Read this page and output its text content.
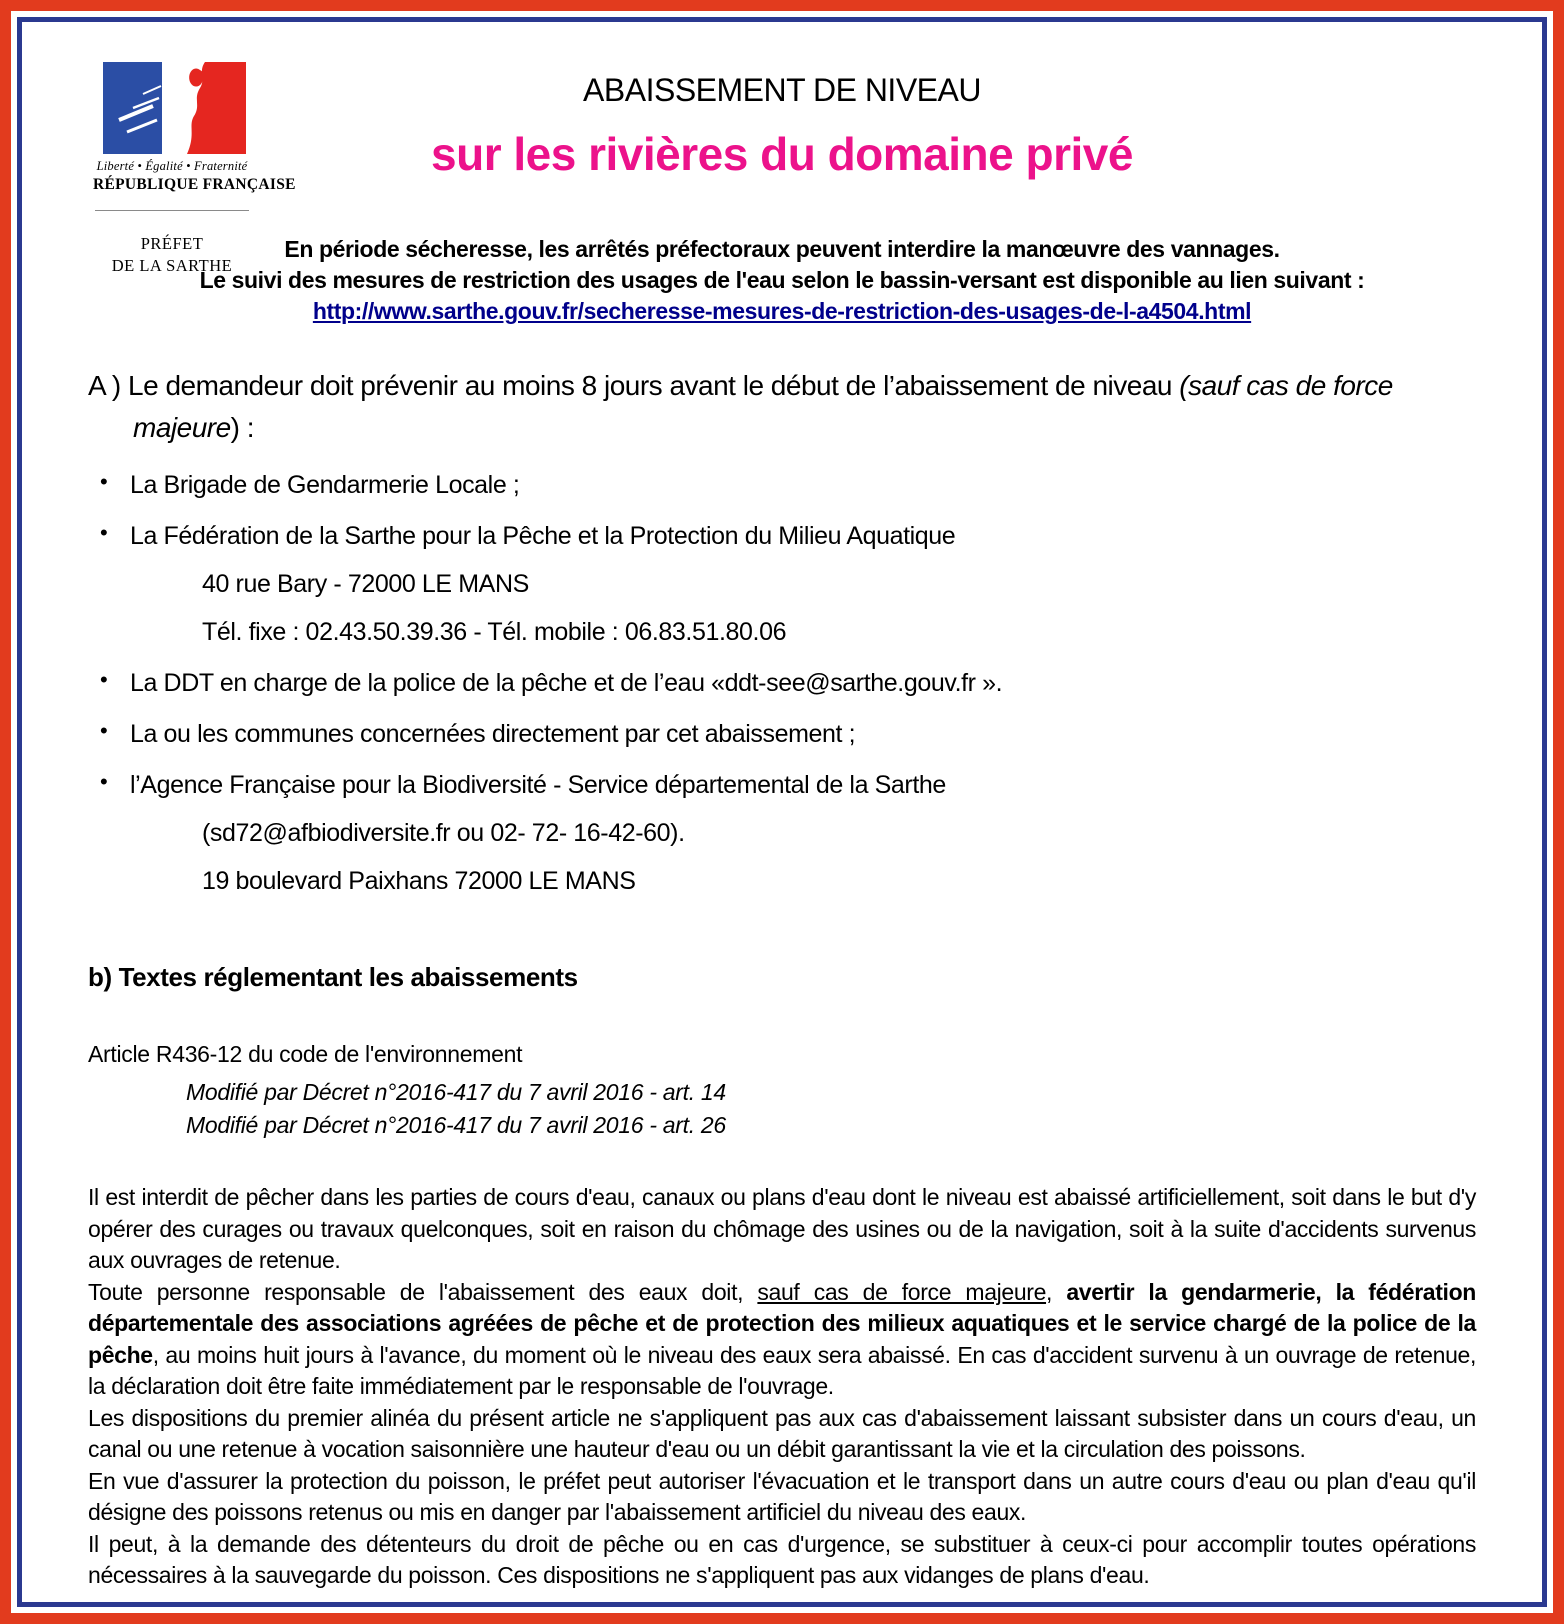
Liberté • Égalité • Fraternité
RÉPUBLIQUE FRANÇAISE
PRÉFET
DE LA SARTHE
ABAISSEMENT DE NIVEAU
sur les rivières du domaine privé
En période sécheresse, les arrêtés préfectoraux peuvent interdire la manœuvre des vannages.
Le suivi des mesures de restriction des usages de l'eau selon le bassin-versant est disponible au lien suivant :
http://www.sarthe.gouv.fr/secheresse-mesures-de-restriction-des-usages-de-l-a4504.html

A ) Le demandeur doit prévenir au moins 8 jours avant le début de l’abaissement de niveau (sauf cas de force majeure) :

• La Brigade de Gendarmerie Locale ;
• La Fédération de la Sarthe pour la Pêche et la Protection du Milieu Aquatique
40 rue Bary - 72000 LE MANS
Tél. fixe : 02.43.50.39.36 - Tél. mobile : 06.83.51.80.06
• La DDT en charge de la police de la pêche et de l’eau «ddt-see@sarthe.gouv.fr ».
• La ou les communes concernées directement par cet abaissement ;
• l’Agence Française pour la Biodiversité - Service départemental de la Sarthe
(sd72@afbiodiversite.fr ou 02- 72- 16-42-60).
19 boulevard Paixhans 72000 LE MANS
b) Textes réglementant les abaissements

Article R436-12 du code de l'environnement

Modifié par Décret n°2016-417 du 7 avril 2016 - art. 14
Modifié par Décret n°2016-417 du 7 avril 2016 - art. 26

Il est interdit de pêcher dans les parties de cours d'eau, canaux ou plans d'eau dont le niveau est abaissé artificiellement, soit dans le but d'y opérer des curages ou travaux quelconques, soit en raison du chômage des usines ou de la navigation, soit à la suite d'accidents survenus aux ouvrages de retenue.

Toute personne responsable de l'abaissement des eaux doit, sauf cas de force majeure, avertir la gendarmerie, la fédération départementale des associations agréées de pêche et de protection des milieux aquatiques et le service chargé de la police de la pêche, au moins huit jours à l'avance, du moment où le niveau des eaux sera abaissé. En cas d'accident survenu à un ouvrage de retenue, la déclaration doit être faite immédiatement par le responsable de l'ouvrage.

Les dispositions du premier alinéa du présent article ne s'appliquent pas aux cas d'abaissement laissant subsister dans un cours d'eau, un canal ou une retenue à vocation saisonnière une hauteur d'eau ou un débit garantissant la vie et la circulation des poissons.

En vue d'assurer la protection du poisson, le préfet peut autoriser l'évacuation et le transport dans un autre cours d'eau ou plan d'eau qu'il désigne des poissons retenus ou mis en danger par l'abaissement artificiel du niveau des eaux.

Il peut, à la demande des détenteurs du droit de pêche ou en cas d'urgence, se substituer à ceux-ci pour accomplir toutes opérations nécessaires à la sauvegarde du poisson. Ces dispositions ne s'appliquent pas aux vidanges de plans d'eau.
